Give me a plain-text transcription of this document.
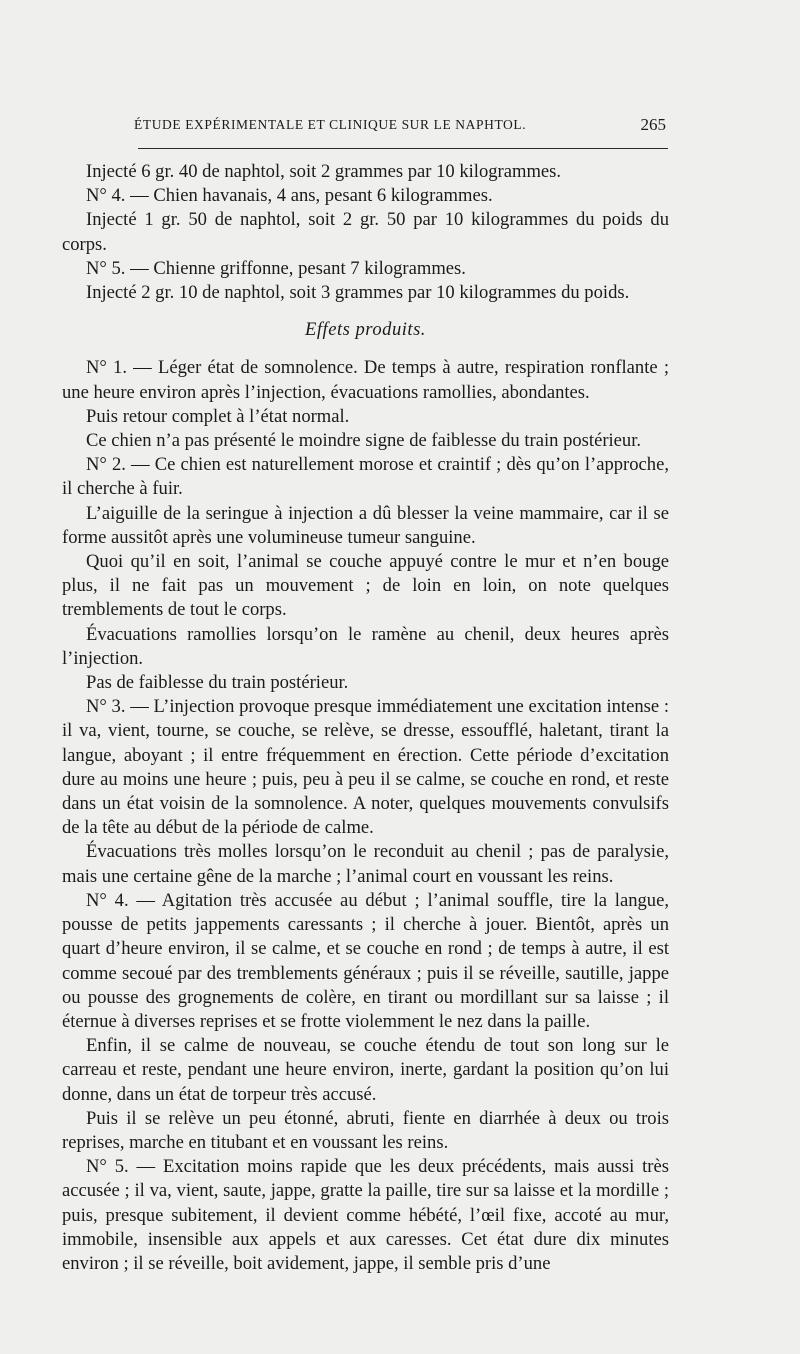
ÉTUDE EXPÉRIMENTALE ET CLINIQUE SUR LE NAPHTOL.	265

Injecté 6 gr. 40 de naphtol, soit 2 grammes par 10 kilogrammes.

N° 4. — Chien havanais, 4 ans, pesant 6 kilogrammes.

Injecté 1 gr. 50 de naphtol, soit 2 gr. 50 par 10 kilogrammes du poids du corps.

N° 5. — Chienne griffonne, pesant 7 kilogrammes.

Injecté 2 gr. 10 de naphtol, soit 3 grammes par 10 kilogrammes du poids.

Effets produits.

N° 1. — Léger état de somnolence. De temps à autre, respiration ronflante ; une heure environ après l’injection, évacuations ramollies, abondantes.

Puis retour complet à l’état normal.

Ce chien n’a pas présenté le moindre signe de faiblesse du train postérieur.

N° 2. — Ce chien est naturellement morose et craintif ; dès qu’on l’approche, il cherche à fuir.

L’aiguille de la seringue à injection a dû blesser la veine mammaire, car il se forme aussitôt après une volumineuse tumeur sanguine.

Quoi qu’il en soit, l’animal se couche appuyé contre le mur et n’en bouge plus, il ne fait pas un mouvement ; de loin en loin, on note quelques tremblements de tout le corps.

Évacuations ramollies lorsqu’on le ramène au chenil, deux heures après l’injection.

Pas de faiblesse du train postérieur.

N° 3. — L’injection provoque presque immédiatement une excitation intense : il va, vient, tourne, se couche, se relève, se dresse, essoufflé, haletant, tirant la langue, aboyant ; il entre fréquemment en érection. Cette période d’excitation dure au moins une heure ; puis, peu à peu il se calme, se couche en rond, et reste dans un état voisin de la somnolence. A noter, quelques mouvements convulsifs de la tête au début de la période de calme.

Évacuations très molles lorsqu’on le reconduit au chenil ; pas de paralysie, mais une certaine gêne de la marche ; l’animal court en voussant les reins.

N° 4. — Agitation très accusée au début ; l’animal souffle, tire la langue, pousse de petits jappements caressants ; il cherche à jouer. Bientôt, après un quart d’heure environ, il se calme, et se couche en rond ; de temps à autre, il est comme secoué par des tremblements généraux ; puis il se réveille, sautille, jappe ou pousse des grognements de colère, en tirant ou mordillant sur sa laisse ; il éternue à diverses reprises et se frotte violemment le nez dans la paille.

Enfin, il se calme de nouveau, se couche étendu de tout son long sur le carreau et reste, pendant une heure environ, inerte, gardant la position qu’on lui donne, dans un état de torpeur très accusé.

Puis il se relève un peu étonné, abruti, fiente en diarrhée à deux ou trois reprises, marche en titubant et en voussant les reins.

N° 5. — Excitation moins rapide que les deux précédents, mais aussi très accusée ; il va, vient, saute, jappe, gratte la paille, tire sur sa laisse et la mordille ; puis, presque subitement, il devient comme hébété, l’œil fixe, accoté au mur, immobile, insensible aux appels et aux caresses. Cet état dure dix minutes environ ; il se réveille, boit avidement, jappe, il semble pris d’une
